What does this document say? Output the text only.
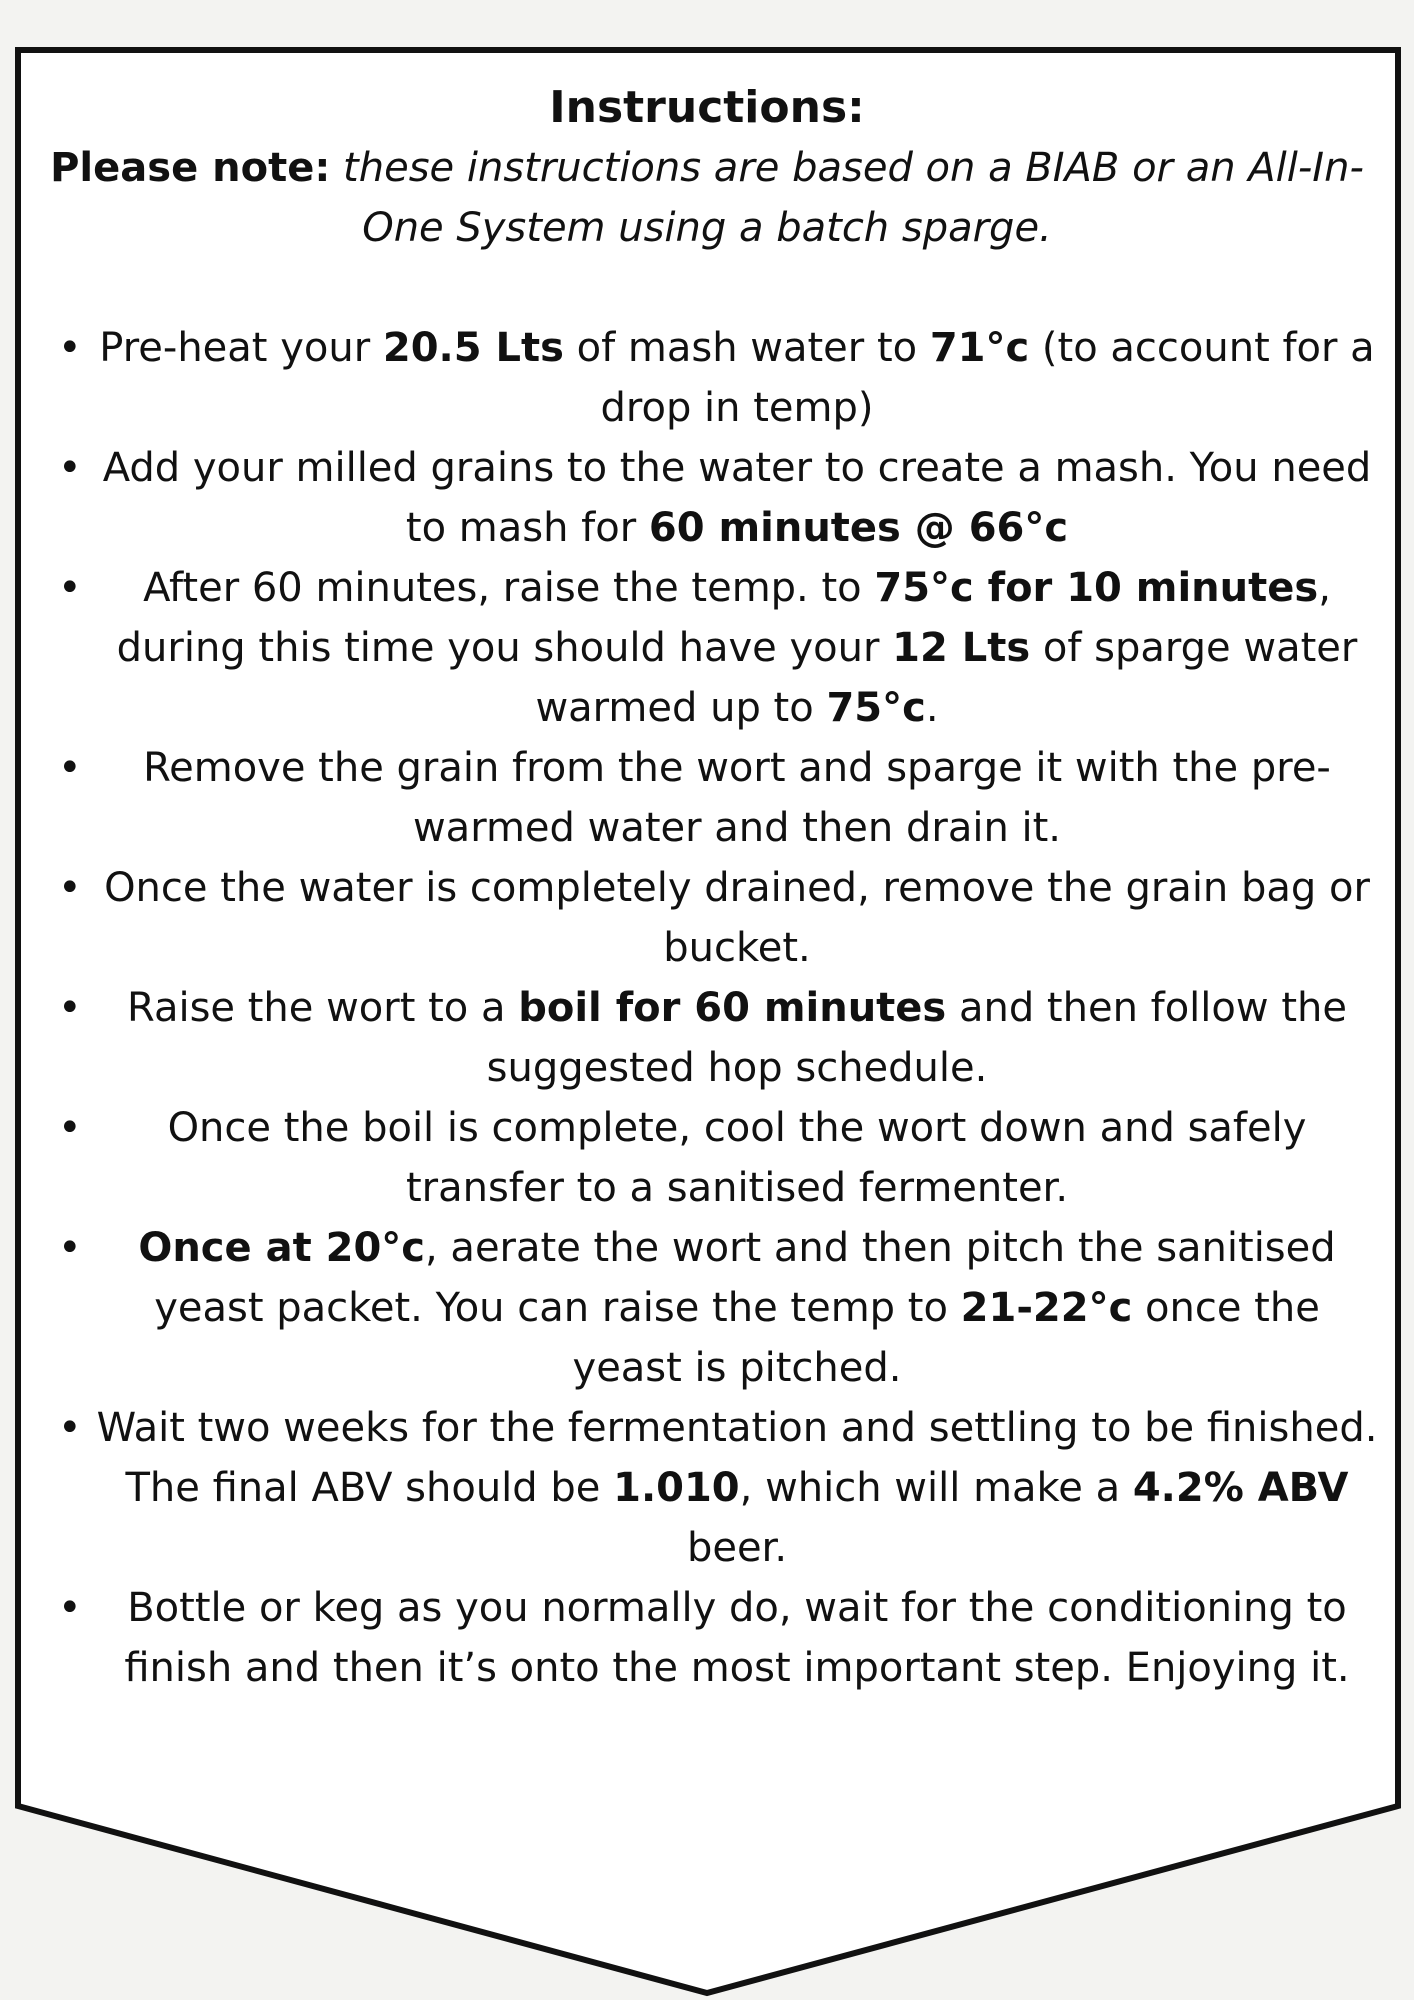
Instructions:

Please note: these instructions are based on a BIAB or an All-In-One System using a batch sparge.

• Pre-heat your 20.5 Lts of mash water to 71°c (to account for a drop in temp)
• Add your milled grains to the water to create a mash. You need to mash for 60 minutes @ 66°c
• After 60 minutes, raise the temp. to 75°c for 10 minutes, during this time you should have your 12 Lts of sparge water warmed up to 75°c.
• Remove the grain from the wort and sparge it with the pre-warmed water and then drain it.
• Once the water is completely drained, remove the grain bag or bucket.
• Raise the wort to a boil for 60 minutes and then follow the suggested hop schedule.
• Once the boil is complete, cool the wort down and safely transfer to a sanitised fermenter.
• Once at 20°c, aerate the wort and then pitch the sanitised yeast packet. You can raise the temp to 21-22°c once the yeast is pitched.
• Wait two weeks for the fermentation and settling to be finished. The final ABV should be 1.010, which will make a 4.2% ABV beer.
• Bottle or keg as you normally do, wait for the conditioning to finish and then it’s onto the most important step. Enjoying it.
